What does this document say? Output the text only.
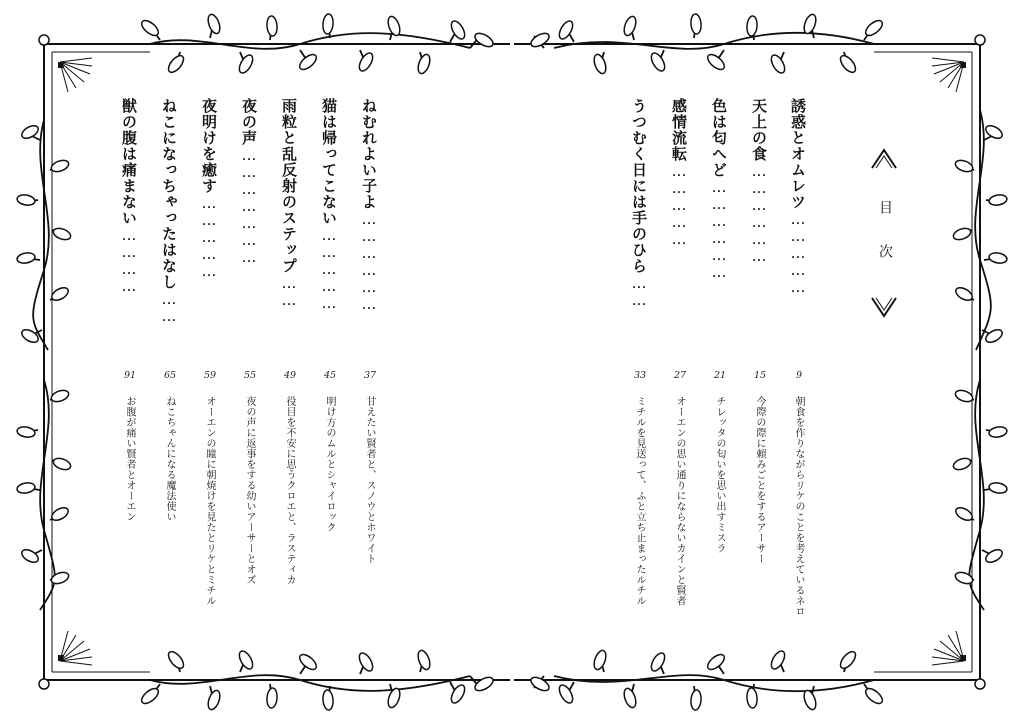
ねむれよい子よ………………
37
甘えたい賢者と、スノウとホワイト
猫は帰ってこない……………
45
明け方のムルとシャイロック
雨粒と乱反射のステップ……
49
役目を不安に思うクロエと、ラスティカ
夜の声…………………
55
夜の声に返事をする幼いアーサーとオズ
夜明けを癒す……………
59
オーエンの瞳に朝焼けを見たとリケとミチル
ねこになっちゃったはなし……
65
ねこちゃんになる魔法使い
獣の腹は痛まない…………
91
お腹が痛い賢者とオーエン
目次
誘惑とオムレツ……………
9
朝食を作りながらリケのことを考えているネロ
天上の食………………
15
今際の際に頼みごとをするアーサー
色は匂へど………………
21
チレッタの匂いを思い出すミスラ
感情流転……………
27
オーエンの思い通りにならないカインと賢者
うつむく日には手のひら……
33
ミチルを見送って、ふと立ち止まったルチル
